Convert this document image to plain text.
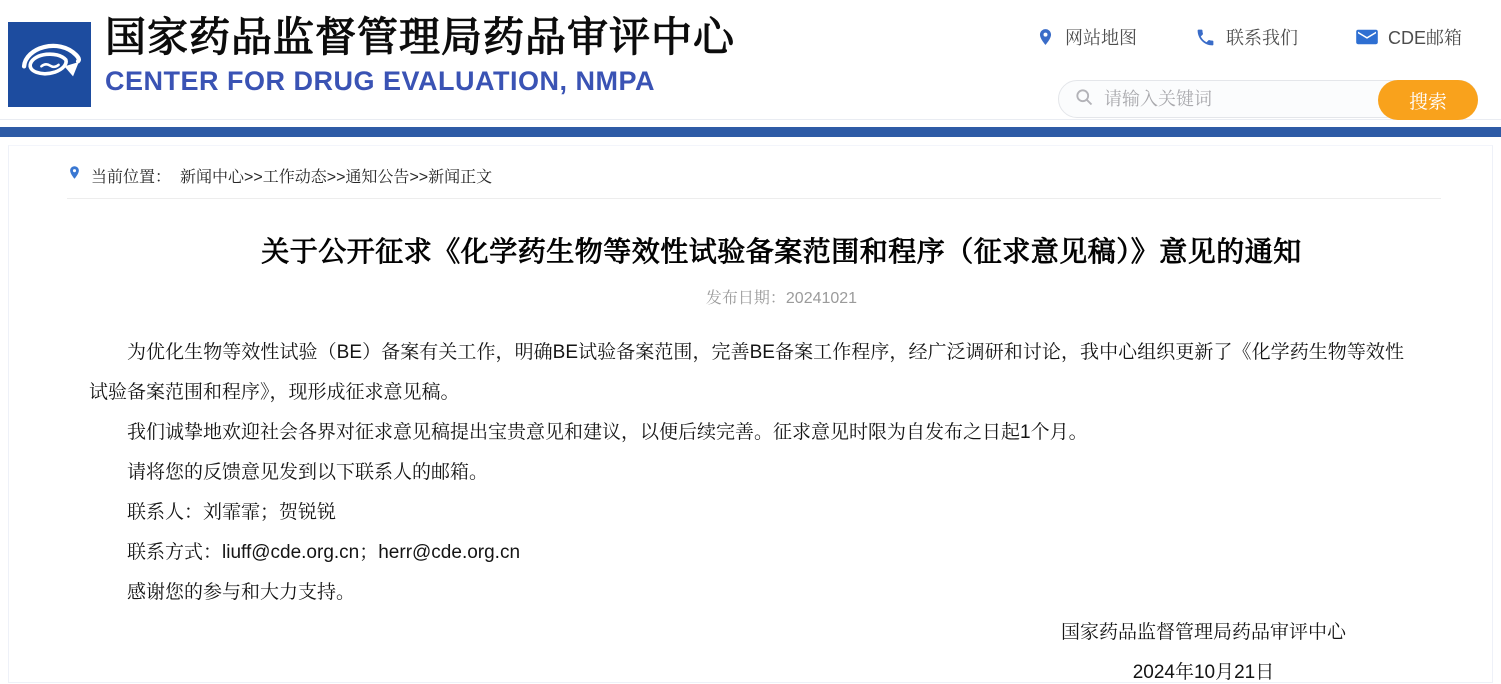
国家药品监督管理局药品审评中心
CENTER FOR DRUG EVALUATION, NMPA
网站地图	联系我们	CDE邮箱
请输入关键词
搜索
当前位置： 新闻中心>>工作动态>>通知公告>>新闻正文
关于公开征求《化学药生物等效性试验备案范围和程序（征求意见稿）》意见的通知
发布日期：20241021

为优化生物等效性试验（BE）备案有关工作，明确BE试验备案范围，完善BE备案工作程序，经广泛调研和讨论，我中心组织更新了《化学药生物等效性试验备案范围和程序》，现形成征求意见稿。

我们诚挚地欢迎社会各界对征求意见稿提出宝贵意见和建议，以便后续完善。征求意见时限为自发布之日起1个月。

请将您的反馈意见发到以下联系人的邮箱。

联系人：刘霏霏；贺锐锐

联系方式：liuff@cde.org.cn；herr@cde.org.cn

感谢您的参与和大力支持。

国家药品监督管理局药品审评中心
2024年10月21日
